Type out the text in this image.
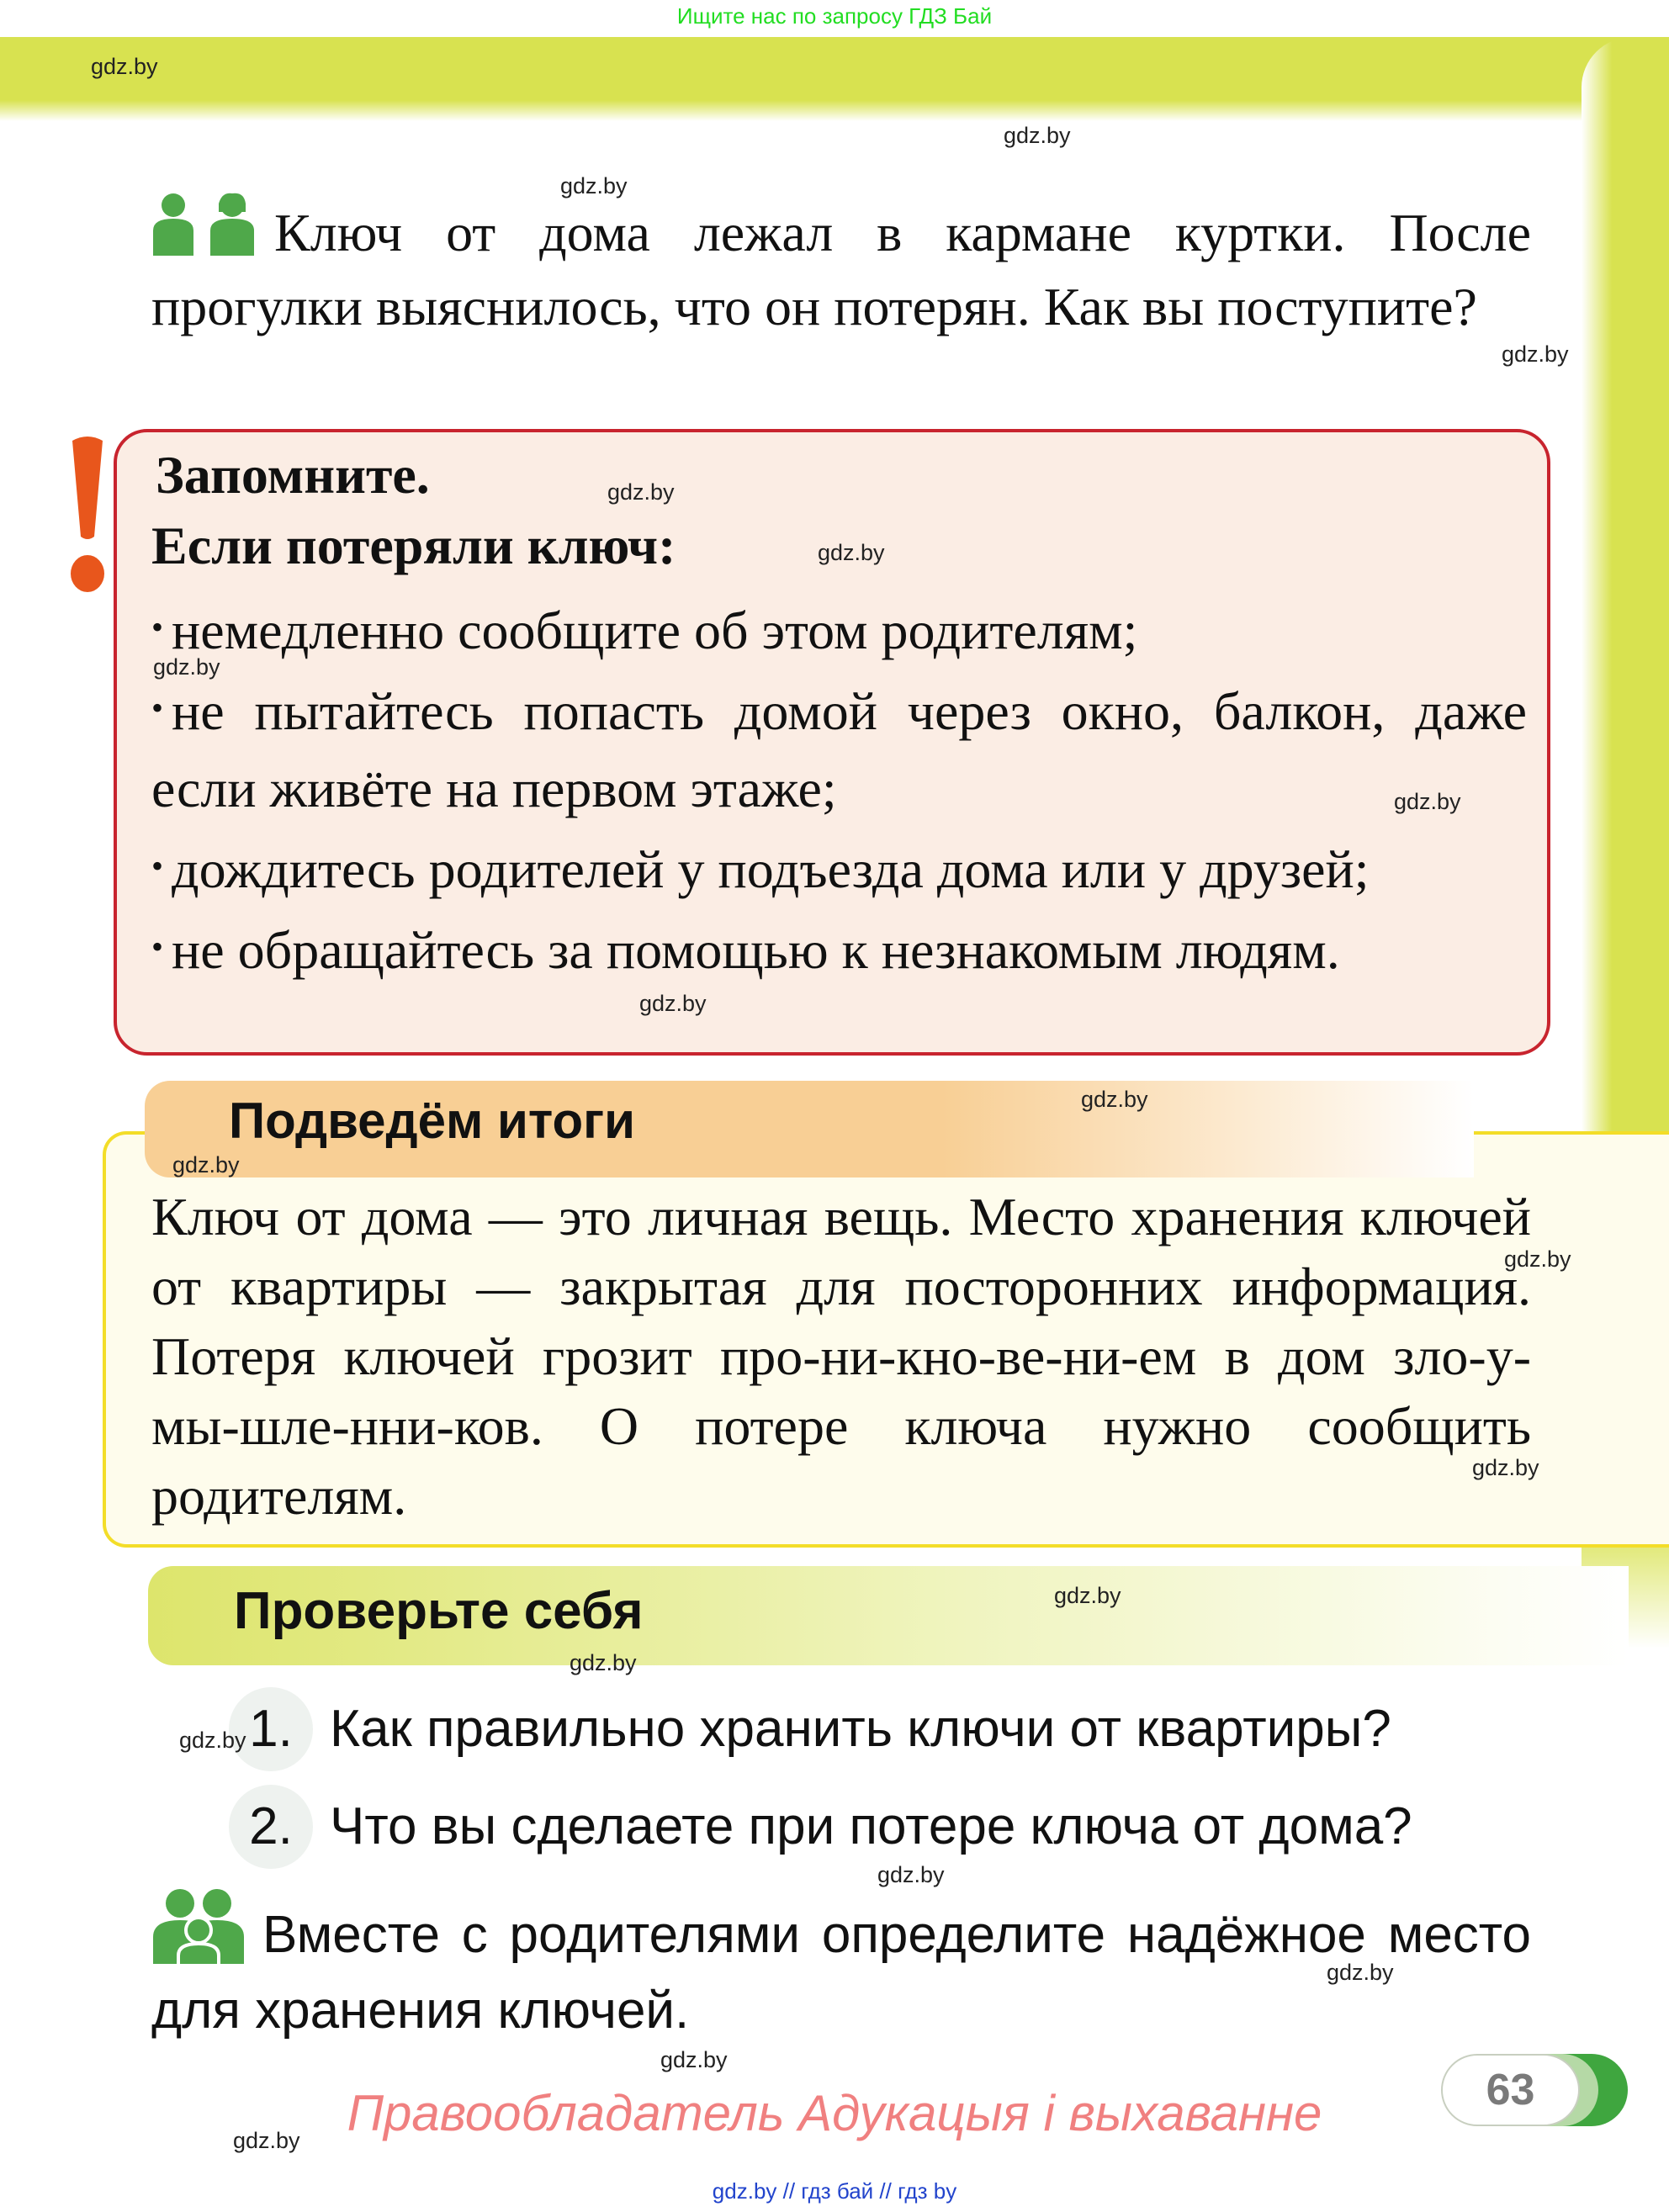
Ищите нас по запросу ГДЗ Бай
gdz.by
gdz.by
gdz.by
gdz.by
Ключ от дома лежал в кармане куртки. После прогулки выяснилось, что он потерян. Как вы поступите?
Запомните.
Если потеряли ключ:
• немедленно сообщите об этом родителям;
• не пытайтесь попасть домой через окно, балкон, даже если живёте на первом этаже;
• дождитесь родителей у подъезда дома или у друзей;
• не обращайтесь за помощью к незнакомым людям.
gdz.by
gdz.by
gdz.by
gdz.by
gdz.by
Подведём итоги
Ключ от дома — это личная вещь. Место хранения ключей от квартиры — закрытая для посторонних информация. Потеря ключей грозит про-ни-кно-ве-ни-ем в дом зло-у-мы-шле-нни-ков. О потере ключа нужно сообщить родителям.
gdz.by
gdz.by
gdz.by
gdz.by
Проверьте себя	gdz.by
gdz.by
1. Как правильно хранить ключи от квартиры?
gdz.by
2. Что вы сделаете при потере ключа от дома?
gdz.by
Вместе с родителями определите надёжное место для хранения ключей.
gdz.by
gdz.by
gdz.by Правообладатель Адукацыя і выхаванне	63
gdz.by // гдз бай // гдз by
